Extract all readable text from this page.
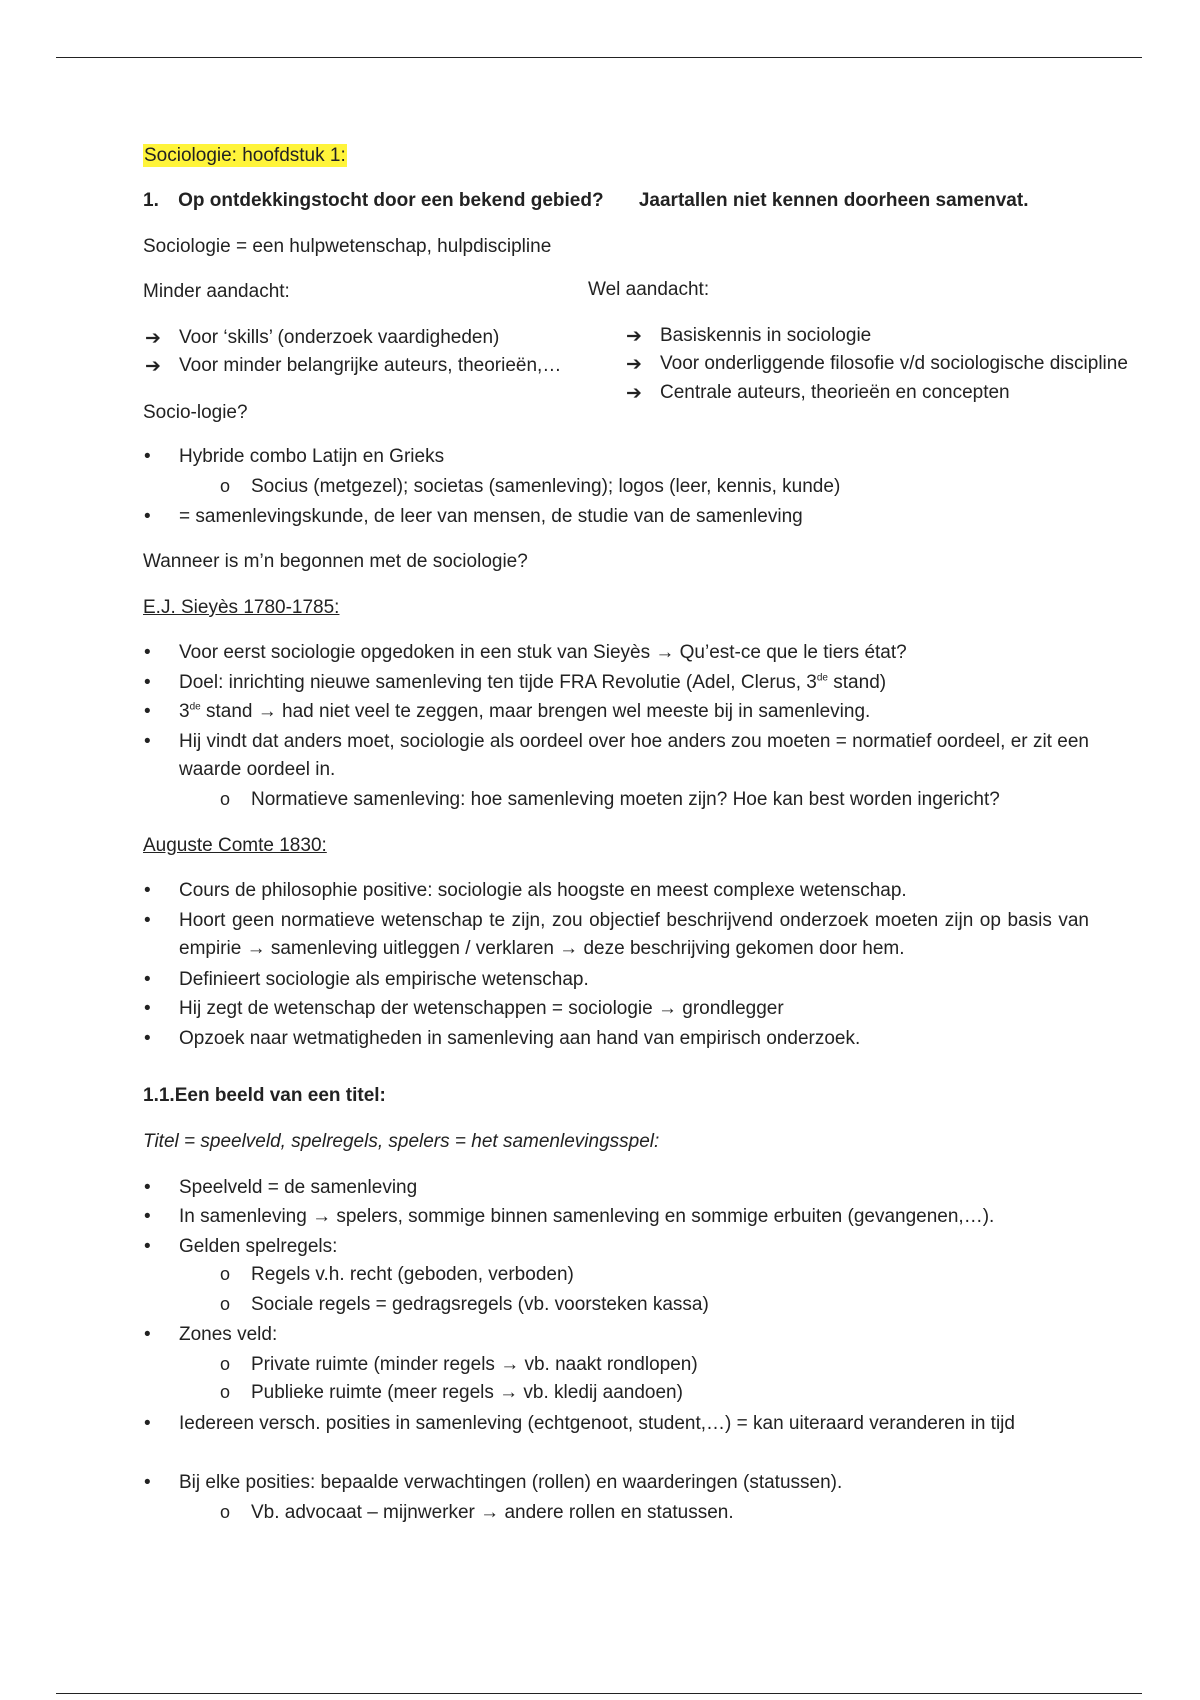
Sociologie: hoofdstuk 1:
1. Op ontdekkingstocht door een bekend gebied? Jaartallen niet kennen doorheen samenvat.
Sociologie = een hulpwetenschap, hulpdiscipline
Minder aandacht:	Wel aandacht:
➔ Voor ‘skills’ (onderzoek vaardigheden)
➔ Voor minder belangrijke auteurs, theorieën,…
➔ Basiskennis in sociologie
➔ Voor onderliggende filosofie v/d sociologische discipline
➔ Centrale auteurs, theorieën en concepten
Socio-logie?
• Hybride combo Latijn en Grieks
o Socius (metgezel); societas (samenleving); logos (leer, kennis, kunde)
• = samenlevingskunde, de leer van mensen, de studie van de samenleving
Wanneer is m’n begonnen met de sociologie?
E.J. Sieyès 1780-1785:
• Voor eerst sociologie opgedoken in een stuk van Sieyès → Qu’est-ce que le tiers état?
• Doel: inrichting nieuwe samenleving ten tijde FRA Revolutie (Adel, Clerus, 3de stand)
• 3de stand → had niet veel te zeggen, maar brengen wel meeste bij in samenleving.
• Hij vindt dat anders moet, sociologie als oordeel over hoe anders zou moeten = normatief oordeel, er zit een waarde oordeel in.
o Normatieve samenleving: hoe samenleving moeten zijn? Hoe kan best worden ingericht?
Auguste Comte 1830:
• Cours de philosophie positive: sociologie als hoogste en meest complexe wetenschap.
• Hoort geen normatieve wetenschap te zijn, zou objectief beschrijvend onderzoek moeten zijn op basis van empirie → samenleving uitleggen / verklaren → deze beschrijving gekomen door hem.
• Definieert sociologie als empirische wetenschap.
• Hij zegt de wetenschap der wetenschappen = sociologie → grondlegger
• Opzoek naar wetmatigheden in samenleving aan hand van empirisch onderzoek.
1.1.Een beeld van een titel:
Titel = speelveld, spelregels, spelers = het samenlevingsspel:
• Speelveld = de samenleving
• In samenleving → spelers, sommige binnen samenleving en sommige erbuiten (gevangenen,…).
• Gelden spelregels:
o Regels v.h. recht (geboden, verboden)
o Sociale regels = gedragsregels (vb. voorsteken kassa)
• Zones veld:
o Private ruimte (minder regels → vb. naakt rondlopen)
o Publieke ruimte (meer regels → vb. kledij aandoen)
• Iedereen versch. posities in samenleving (echtgenoot, student,…) = kan uiteraard veranderen in tijd
• Bij elke posities: bepaalde verwachtingen (rollen) en waarderingen (statussen).
o Vb. advocaat – mijnwerker → andere rollen en statussen.
